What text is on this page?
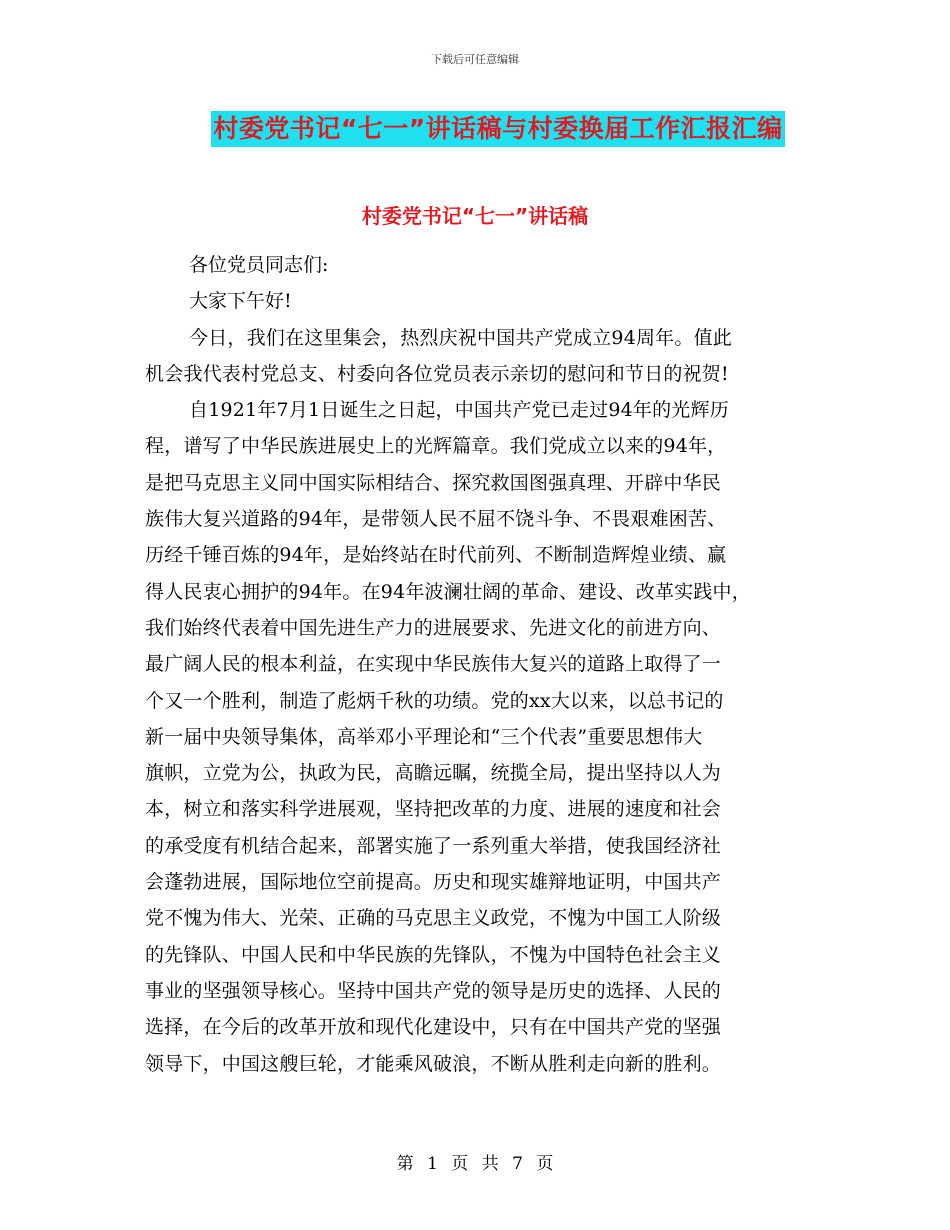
下载后可任意编辑
村委党书记“七一”讲话稿与村委换届工作汇报汇编
村委党书记“七一”讲话稿

各位党员同志们:

大家下午好!

今日，我们在这里集会，热烈庆祝中国共产党成立94周年。值此

机会我代表村党总支、村委向各位党员表示亲切的慰问和节日的祝贺!

自1921年7月1日诞生之日起，中国共产党已走过94年的光辉历

程，谱写了中华民族进展史上的光辉篇章。我们党成立以来的94年，

是把马克思主义同中国实际相结合、探究救国图强真理、开辟中华民

族伟大复兴道路的94年，是带领人民不屈不饶斗争、不畏艰难困苦、

历经千锤百炼的94年，是始终站在时代前列、不断制造辉煌业绩、赢

得人民衷心拥护的94年。在94年波澜壮阔的革命、建设、改革实践中，

我们始终代表着中国先进生产力的进展要求、先进文化的前进方向、

最广阔人民的根本利益，在实现中华民族伟大复兴的道路上取得了一

个又一个胜利，制造了彪炳千秋的功绩。党的xx大以来，以总书记的

新一届中央领导集体，高举邓小平理论和“三个代表”重要思想伟大

旗帜，立党为公，执政为民，高瞻远瞩，统揽全局，提出坚持以人为

本，树立和落实科学进展观，坚持把改革的力度、进展的速度和社会

的承受度有机结合起来，部署实施了一系列重大举措，使我国经济社

会蓬勃进展，国际地位空前提高。历史和现实雄辩地证明，中国共产

党不愧为伟大、光荣、正确的马克思主义政党，不愧为中国工人阶级

的先锋队、中国人民和中华民族的先锋队，不愧为中国特色社会主义

事业的坚强领导核心。坚持中国共产党的领导是历史的选择、人民的

选择，在今后的改革开放和现代化建设中，只有在中国共产党的坚强

领导下，中国这艘巨轮，才能乘风破浪，不断从胜利走向新的胜利。

第 1 页 共 7 页
